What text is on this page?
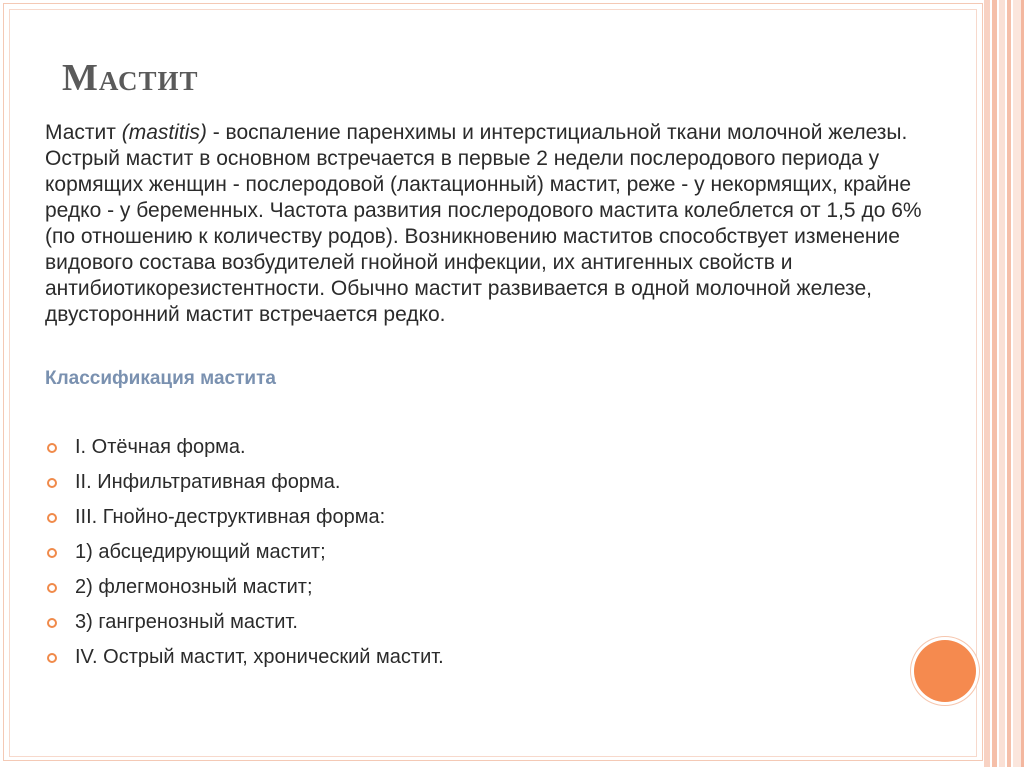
Мастит

Мастит (mastitis) - воспаление паренхимы и интерстициальной ткани молочной железы. Острый мастит в основном встречается в первые 2 недели послеродового периода у кормящих женщин - послеродовой (лактационный) мастит, реже - у некормящих, крайне редко - у беременных. Частота развития послеродового мастита колеблется от 1,5 до 6% (по отношению к количеству родов). Возникновению маститов способствует изменение видового состава возбудителей гнойной инфекции, их антигенных свойств и антибиотикорезистентности. Обычно мастит развивается в одной молочной железе, двусторонний мастит встречается редко.

Классификация мастита
I. Отёчная форма.
II. Инфильтративная форма.
III. Гнойно-деструктивная форма:
1) абсцедирующий мастит;
2) флегмонозный мастит;
3) гангренозный мастит.
IV. Острый мастит, хронический мастит.
